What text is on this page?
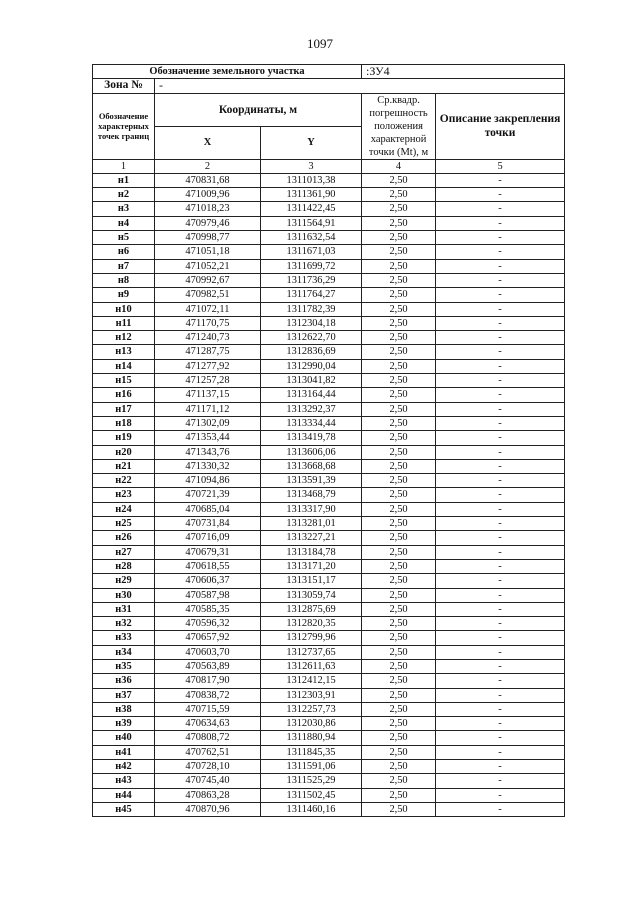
1097
Обозначение земельного участка			:ЗУ4	
Зона №	-			

Обозначение характерных точек границ	Координаты, м		Ср.квадр. погрешность положения характерной точки (Mt), м	Описание закрепления точки

	X	Y		
1	2	3	4	5
н1	470831,68	1311013,38	2,50	-
н2	471009,96	1311361,90	2,50	-
н3	471018,23	1311422,45	2,50	-
н4	470979,46	1311564,91	2,50	-
н5	470998,77	1311632,54	2,50	-
н6	471051,18	1311671,03	2,50	-
н7	471052,21	1311699,72	2,50	-
н8	470992,67	1311736,29	2,50	-
н9	470982,51	1311764,27	2,50	-
н10	471072,11	1311782,39	2,50	-
н11	471170,75	1312304,18	2,50	-
н12	471240,73	1312622,70	2,50	-
н13	471287,75	1312836,69	2,50	-
н14	471277,92	1312990,04	2,50	-
н15	471257,28	1313041,82	2,50	-
н16	471137,15	1313164,44	2,50	-
н17	471171,12	1313292,37	2,50	-
н18	471302,09	1313334,44	2,50	-
н19	471353,44	1313419,78	2,50	-
н20	471343,76	1313606,06	2,50	-
н21	471330,32	1313668,68	2,50	-
н22	471094,86	1313591,39	2,50	-
н23	470721,39	1313468,79	2,50	-
н24	470685,04	1313317,90	2,50	-
н25	470731,84	1313281,01	2,50	-
н26	470716,09	1313227,21	2,50	-
н27	470679,31	1313184,78	2,50	-
н28	470618,55	1313171,20	2,50	-
н29	470606,37	1313151,17	2,50	-
н30	470587,98	1313059,74	2,50	-
н31	470585,35	1312875,69	2,50	-
н32	470596,32	1312820,35	2,50	-
н33	470657,92	1312799,96	2,50	-
н34	470603,70	1312737,65	2,50	-
н35	470563,89	1312611,63	2,50	-
н36	470817,90	1312412,15	2,50	-
н37	470838,72	1312303,91	2,50	-
н38	470715,59	1312257,73	2,50	-
н39	470634,63	1312030,86	2,50	-
н40	470808,72	1311880,94	2,50	-
н41	470762,51	1311845,35	2,50	-
н42	470728,10	1311591,06	2,50	-
н43	470745,40	1311525,29	2,50	-
н44	470863,28	1311502,45	2,50	-
н45	470870,96	1311460,16	2,50	-
